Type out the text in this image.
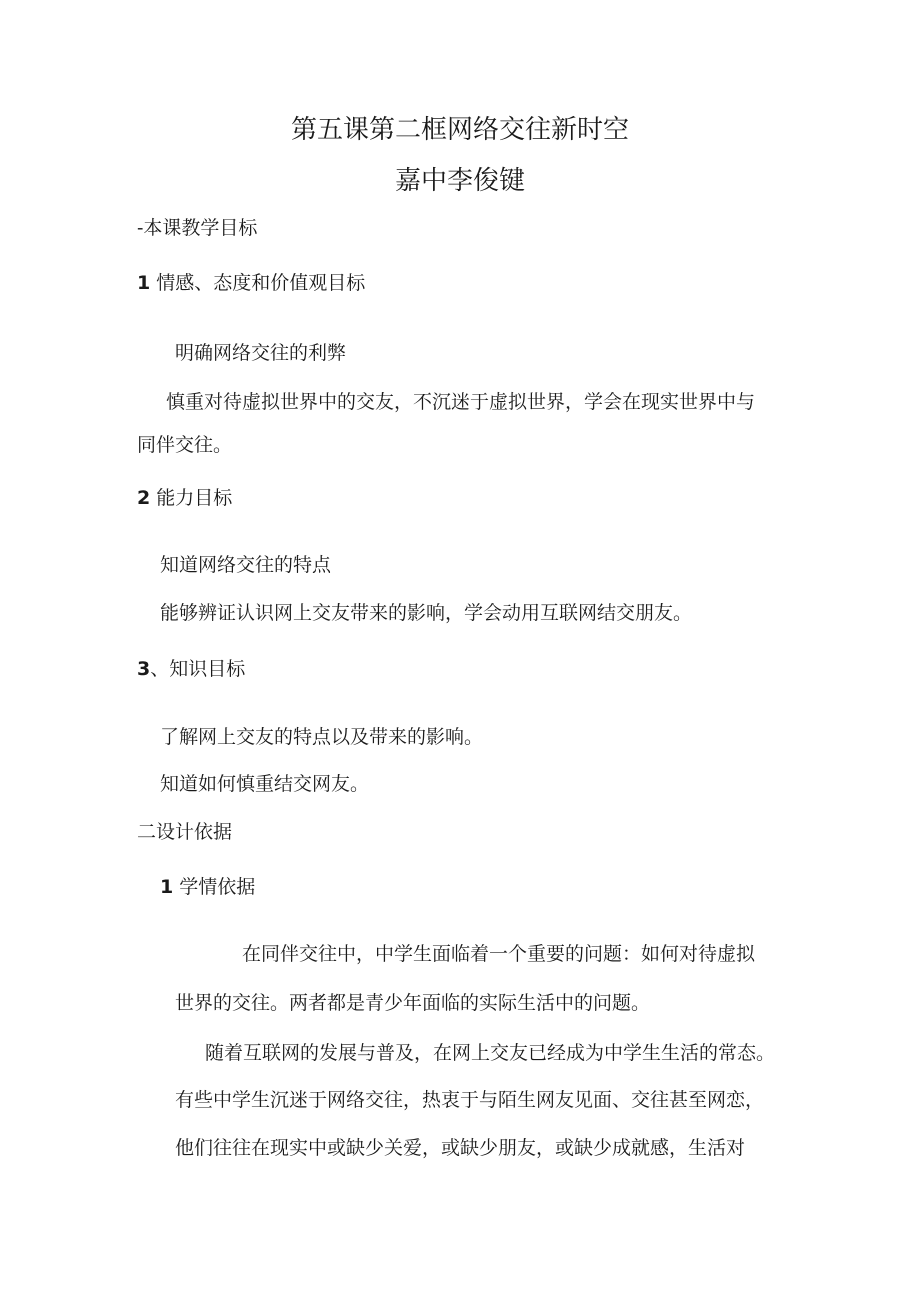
第五课第二框网络交往新时空
嘉中李俊键
-本课教学目标
1 情感、态度和价值观目标
明确网络交往的利弊
慎重对待虚拟世界中的交友，不沉迷于虚拟世界，学会在现实世界中与
同伴交往。
2 能力目标
知道网络交往的特点
能够辨证认识网上交友带来的影响，学会动用互联网结交朋友。
3、知识目标
了解网上交友的特点以及带来的影响。
知道如何慎重结交网友。
二设计依据
1 学情依据
在同伴交往中，中学生面临着一个重要的问题：如何对待虚拟
世界的交往。两者都是青少年面临的实际生活中的问题。
随着互联网的发展与普及，在网上交友已经成为中学生生活的常态。
有些中学生沉迷于网络交往，热衷于与陌生网友见面、交往甚至网恋，
他们往往在现实中或缺少关爱，或缺少朋友，或缺少成就感，生活对
